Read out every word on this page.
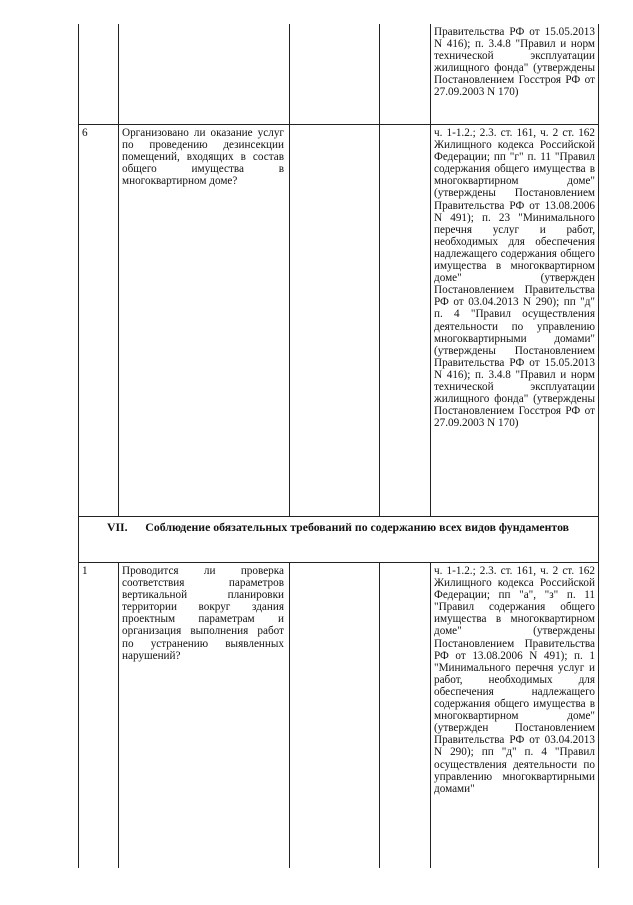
Правительства РФ от 15.05.2013 N 416); п. 3.4.8 "Правил и норм технической эксплуатации жилищного фонда" (утверждены Постановлением Госстроя РФ от 27.09.2003 N 170)
6	Организовано ли оказание услуг по проведению дезинсекции помещений, входящих в состав общего имущества в многоквартирном доме?
ч. 1-1.2.; 2.3. ст. 161, ч. 2 ст. 162 Жилищного кодекса Российской Федерации; пп "г" п. 11 "Правил содержания общего имущества в многоквартирном доме" (утверждены Постановлением Правительства РФ от 13.08.2006 N 491); п. 23 "Минимального перечня услуг и работ, необходимых для обеспечения надлежащего содержания общего имущества в многоквартирном доме" (утвержден Постановлением Правительства РФ от 03.04.2013 N 290); пп "д" п. 4 "Правил осуществления деятельности по управлению многоквартирными домами" (утверждены Постановлением Правительства РФ от 15.05.2013 N 416); п. 3.4.8 "Правил и норм технической эксплуатации жилищного фонда" (утверждены Постановлением Госстроя РФ от 27.09.2003 N 170)
VII. Соблюдение обязательных требований по содержанию всех видов фундаментов
1	Проводится ли проверка соответствия параметров вертикальной планировки территории вокруг здания проектным параметрам и организация выполнения работ по устранению выявленных нарушений?
ч. 1-1.2.; 2.3. ст. 161, ч. 2 ст. 162 Жилищного кодекса Российской Федерации; пп "а", "з" п. 11 "Правил содержания общего имущества в многоквартирном доме" (утверждены Постановлением Правительства РФ от 13.08.2006 N 491); п. 1 "Минимального перечня услуг и работ, необходимых для обеспечения надлежащего содержания общего имущества в многоквартирном доме" (утвержден Постановлением Правительства РФ от 03.04.2013 N 290); пп "д" п. 4 "Правил осуществления деятельности по управлению многоквартирными домами"
